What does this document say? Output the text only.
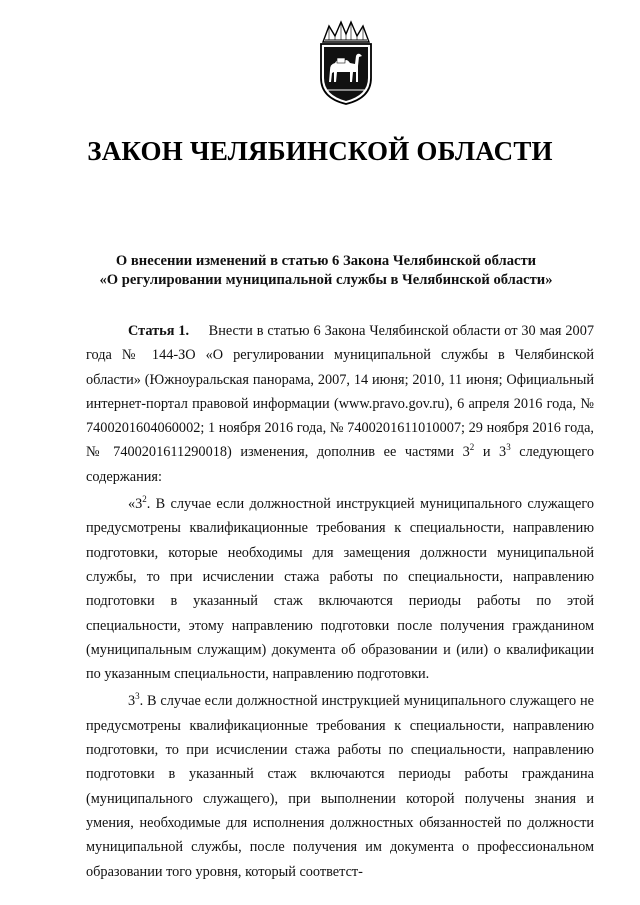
ЗАКОН ЧЕЛЯБИНСКОЙ ОБЛАСТИ
О внесении изменений в статью 6 Закона Челябинской области
«О регулировании муниципальной службы в Челябинской области»

Статья 1. Внести в статью 6 Закона Челябинской области от 30 мая 2007 года № 144-ЗО «О регулировании муниципальной службы в Челябинской области» (Южноуральская панорама, 2007, 14 июня; 2010, 11 июня; Официальный интернет-портал правовой информации (www.pravo.gov.ru), 6 апреля 2016 года, № 7400201604060002; 1 ноября 2016 года, № 7400201611010007; 29 ноября 2016 года, № 7400201611290018) изменения, дополнив ее частями $3^2$ и $3^3$ следующего содержания:

«$3^2$. В случае если должностной инструкцией муниципального служащего предусмотрены квалификационные требования к специальности, направлению подготовки, которые необходимы для замещения должности муниципальной службы, то при исчислении стажа работы по специальности, направлению подготовки в указанный стаж включаются периоды работы по этой специальности, этому направлению подготовки после получения гражданином (муниципальным служащим) документа об образовании и (или) о квалификации по указанным специальности, направлению подготовки.

$3^3$. В случае если должностной инструкцией муниципального служащего не предусмотрены квалификационные требования к специальности, направлению подготовки, то при исчислении стажа работы по специальности, направлению подготовки в указанный стаж включаются периоды работы гражданина (муниципального служащего), при выполнении которой получены знания и умения, необходимые для исполнения должностных обязанностей по должности муниципальной службы, после получения им документа о профессиональном образовании того уровня, который соответст-
